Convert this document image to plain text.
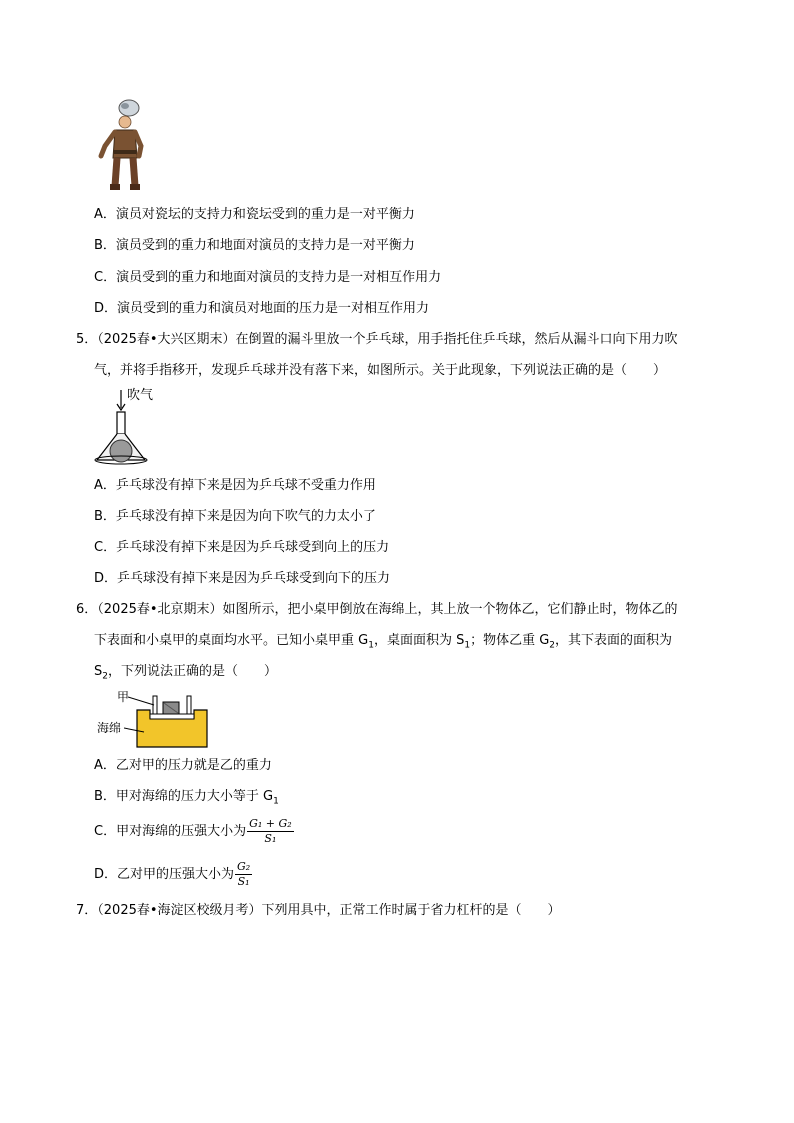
A．演员对瓷坛的支持力和瓷坛受到的重力是一对平衡力
B．演员受到的重力和地面对演员的支持力是一对平衡力
C．演员受到的重力和地面对演员的支持力是一对相互作用力
D．演员受到的重力和演员对地面的压力是一对相互作用力
5．（2025春•大兴区期末）在倒置的漏斗里放一个乒乓球，用手指托住乒乓球，然后从漏斗口向下用力吹
气，并将手指移开，发现乒乓球并没有落下来，如图所示。关于此现象，下列说法正确的是（　　）
吹气
A．乒乓球没有掉下来是因为乒乓球不受重力作用
B．乒乓球没有掉下来是因为向下吹气的力太小了
C．乒乓球没有掉下来是因为乒乓球受到向上的压力
D．乒乓球没有掉下来是因为乒乓球受到向下的压力
6．（2025春•北京期末）如图所示，把小桌甲倒放在海绵上，其上放一个物体乙，它们静止时，物体乙的
下表面和小桌甲的桌面均水平。已知小桌甲重 $G_1$，桌面面积为 $S_1$；物体乙重 $G_2$，其下表面的面积为
$S_2$，下列说法正确的是（　　）
甲
海绵
A．乙对甲的压力就是乙的重力
B．甲对海绵的压力大小等于 $G_1$
C．甲对海绵的压强大小为 $\frac{\text{G₁ + G₂}}{\text{S₁}}$
D．乙对甲的压强大小为 $\frac{\text{G₂}}{\text{S₁}}$
7．（2025春•海淀区校级月考）下列用具中，正常工作时属于省力杠杆的是（　　）
